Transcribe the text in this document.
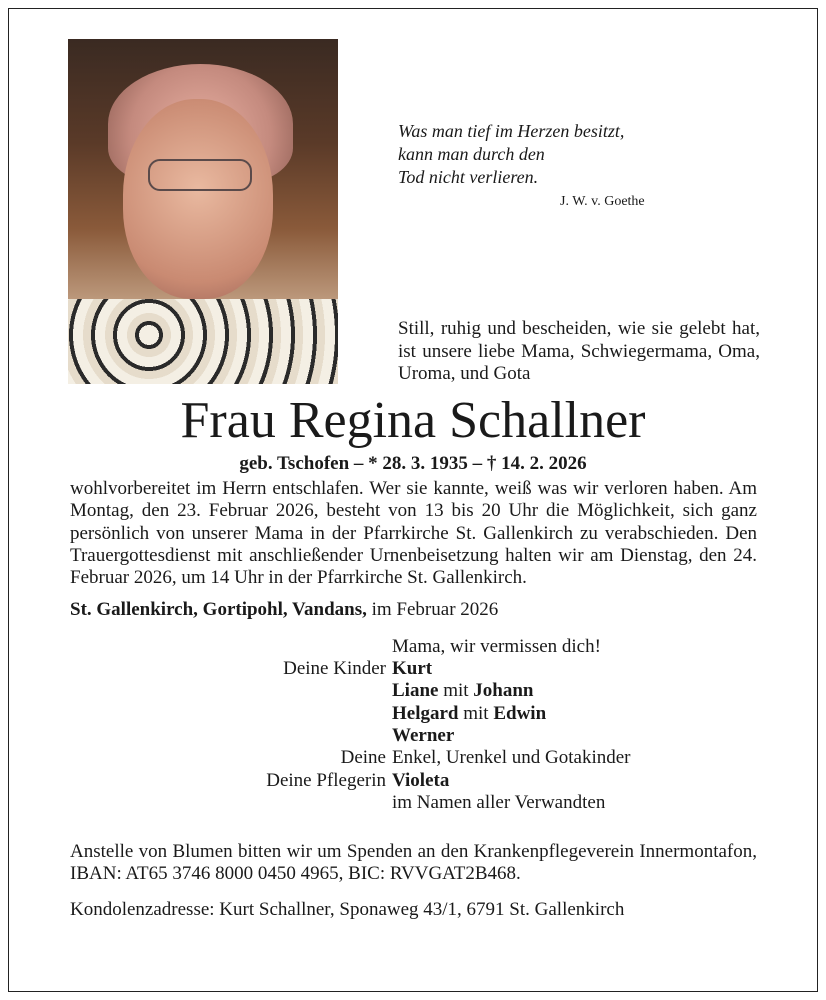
Was man tief im Herzen besitzt,
kann man durch den
Tod nicht verlieren.
J. W. v. Goethe
Still, ruhig und bescheiden, wie sie gelebt hat, ist unsere liebe Mama, Schwiegermama, Oma, Uroma, und Gota
Frau Regina Schallner
geb. Tschofen – * 28. 3. 1935 – † 14. 2. 2026
wohlvorbereitet im Herrn entschlafen. Wer sie kannte, weiß was wir verloren haben. Am Montag, den 23. Februar 2026, besteht von 13 bis 20 Uhr die Möglichkeit, sich ganz persönlich von unserer Mama in der Pfarrkirche St. Gallenkirch zu verabschieden. Den Trauergottesdienst mit anschließender Urnenbeisetzung halten wir am Dienstag, den 24. Februar 2026, um 14 Uhr in der Pfarrkirche St. Gallenkirch.
St. Gallenkirch, Gortipohl, Vandans, im Februar 2026
Mama, wir vermissen dich!
Deine Kinder Kurt
Liane mit Johann
Helgard mit Edwin
Werner
Deine Enkel, Urenkel und Gotakinder
Deine Pflegerin Violeta
im Namen aller Verwandten
Anstelle von Blumen bitten wir um Spenden an den Krankenpflegeverein Innermontafon, IBAN: AT65 3746 8000 0450 4965, BIC: RVVGAT2B468.
Kondolenzadresse: Kurt Schallner, Sponaweg 43/1, 6791 St. Gallenkirch
